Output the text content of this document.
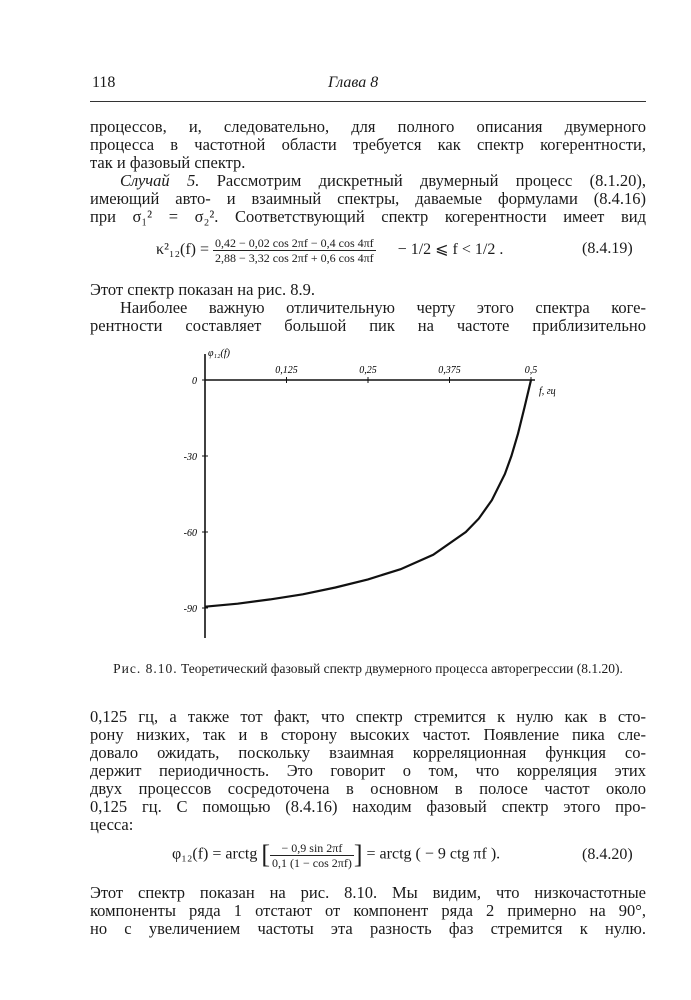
118	Глава 8
процессов, и, следовательно, для полного описания двумерного
процесса в частотной области требуется как спектр когерентности,
так и фазовый спектр.
Случай 5. Рассмотрим дискретный двумерный процесс (8.1.20),
имеющий авто- и взаимный спектры, даваемые формулами (8.4.16)
при σ₁² = σ₂². Соответствующий спектр когерентности имеет вид
$\kappa^2_{12}(f) = \frac{0,42 - 0,02 \cos 2\pi f - 0,4 \cos 4\pi f}{2,88 - 3,32 \cos 2\pi f + 0,6 \cos 4\pi f} - 1/2$ ⩽ f < 1/2 .	(8.4.19)
Этот спектр показан на рис. 8.9.
Наиболее важную отличительную черту этого спектра коге-
рентности составляет большой пик на частоте приблизительно
φ₁₂(f)
f, гц
0,125	0,25	0,375	0,5
0
-30
-60
-90
Рис. 8.10. Теоретический фазовый спектр двумерного процесса авторегрессии (8.1.20).
0,125 гц, а также тот факт, что спектр стремится к нулю как в сто-
рону низких, так и в сторону высоких частот. Появление пика сле-
довало ожидать, поскольку взаимная корреляционная функция со-
держит периодичность. Это говорит о том, что корреляция этих
двух процессов сосредоточена в основном в полосе частот около
0,125 гц. С помощью (8.4.16) находим фазовый спектр этого про-
цесса:
φ₁₂(f) = arctg [ $\frac{- 0,9 \sin 2\pi f}{0,1 (1 - \cos 2\pi f)}$ ] = arctg ( − 9 ctg πf ).	(8.4.20)
Этот спектр показан на рис. 8.10. Мы видим, что низкочастотные
компоненты ряда 1 отстают от компонент ряда 2 примерно на 90°,
но с увеличением частоты эта разность фаз стремится к нулю.
